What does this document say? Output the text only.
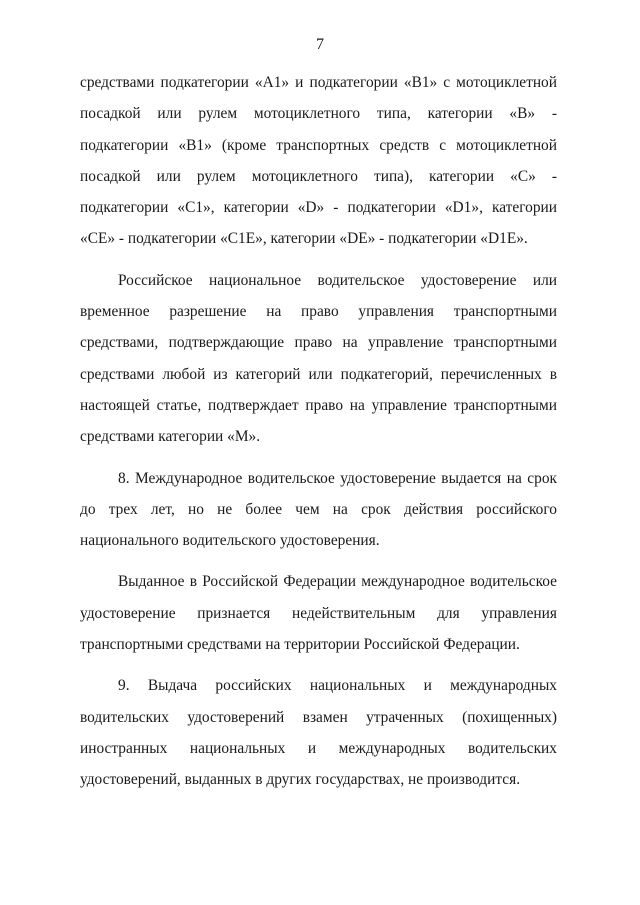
7

средствами подкатегории «A1» и подкатегории «B1» с мотоциклетной посадкой или рулем мотоциклетного типа, категории «B» - подкатегории «B1» (кроме транспортных средств с мотоциклетной посадкой или рулем мотоциклетного типа), категории «C» - подкатегории «C1», категории «D» - подкатегории «D1», категории «CE» - подкатегории «C1E», категории «DE» - подкатегории «D1E».

Российское национальное водительское удостоверение или временное разрешение на право управления транспортными средствами, подтверждающие право на управление транспортными средствами любой из категорий или подкатегорий, перечисленных в настоящей статье, подтверждает право на управление транспортными средствами категории «M».

8. Международное водительское удостоверение выдается на срок до трех лет, но не более чем на срок действия российского национального водительского удостоверения.

Выданное в Российской Федерации международное водительское удостоверение признается недействительным для управления транспортными средствами на территории Российской Федерации.

9. Выдача российских национальных и международных водительских удостоверений взамен утраченных (похищенных) иностранных национальных и международных водительских удостоверений, выданных в других государствах, не производится.
